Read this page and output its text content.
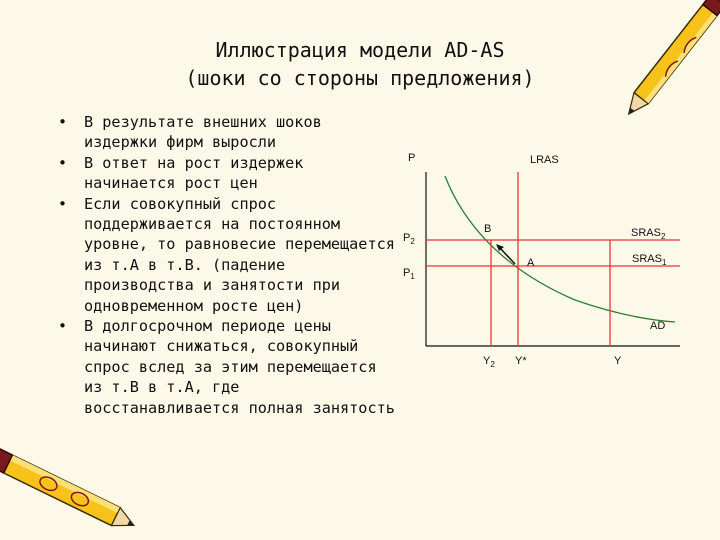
Иллюстрация модели AD-AS
(шоки со стороны предложения)
• В результате внешних шоков издержки фирм выросли
• В ответ на рост издержек начинается рост цен
• Если совокупный спрос поддерживается на постоянном уровне, то равновесие перемещается из т.А в т.В. (падение производства и занятости при одновременном росте цен)
• В долгосрочном периоде цены начинают снижаться, совокупный спрос вслед за этим перемещается из т.В в т.А, где восстанавливается полная занятость
P	LRAS
B
A
$SRAS_2$
$SRAS_1$
$P_2$
$P_1$
AD
$Y_2$ Y*	Y
